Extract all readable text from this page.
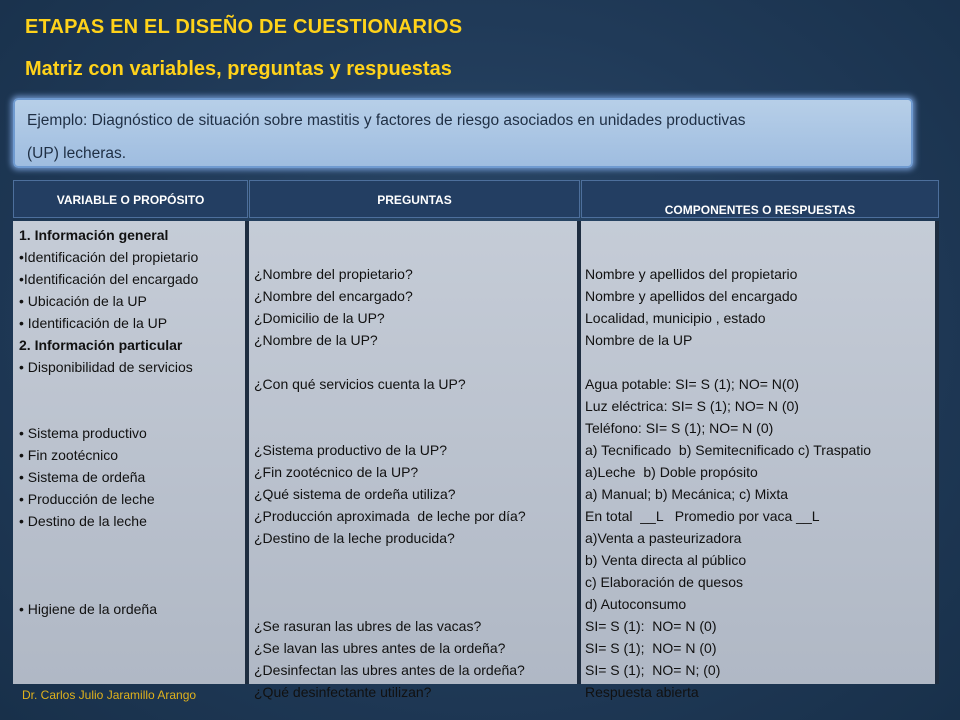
ETAPAS EN EL DISEÑO DE CUESTIONARIOS
Matriz con variables, preguntas y respuestas

Ejemplo: Diagnóstico de situación sobre mastitis y factores de riesgo asociados en unidades productivas

(UP) lecheras.

VARIABLE O PROPÓSITO	PREGUNTAS
COMPONENTES O RESPUESTAS
1. Información general
•Identificación del propietario
•Identificación del encargado
• Ubicación de la UP
• Identificación de la UP
2. Información particular
• Disponibilidad de servicios
• Sistema productivo
• Fin zootécnico
• Sistema de ordeña
• Producción de leche
• Destino de la leche
• Higiene de la ordeña
¿Nombre del propietario?
¿Nombre del encargado?
¿Domicilio de la UP?
¿Nombre de la UP?
¿Con qué servicios cuenta la UP?
¿Sistema productivo de la UP?
¿Fin zootécnico de la UP?
¿Qué sistema de ordeña utiliza?
¿Producción aproximada  de leche por día?
¿Destino de la leche producida?
¿Se rasuran las ubres de las vacas?
¿Se lavan las ubres antes de la ordeña?
¿Desinfectan las ubres antes de la ordeña?
¿Qué desinfectante utilizan?
Nombre y apellidos del propietario
Nombre y apellidos del encargado
Localidad, municipio , estado
Nombre de la UP
Agua potable: SI= S (1); NO= N(0)
Luz eléctrica: SI= S (1); NO= N (0)
Teléfono: SI= S (1); NO= N (0)
a) Tecnificado  b) Semitecnificado c) Traspatio
a)Leche  b) Doble propósito
a) Manual; b) Mecánica; c) Mixta
En total  __L   Promedio por vaca __L
a)Venta a pasteurizadora
b) Venta directa al público
c) Elaboración de quesos
d) Autoconsumo
SI= S (1):  NO= N (0)
SI= S (1);  NO= N (0)
SI= S (1);  NO= N; (0)
Respuesta abierta
Dr. Carlos Julio Jaramillo Arango
